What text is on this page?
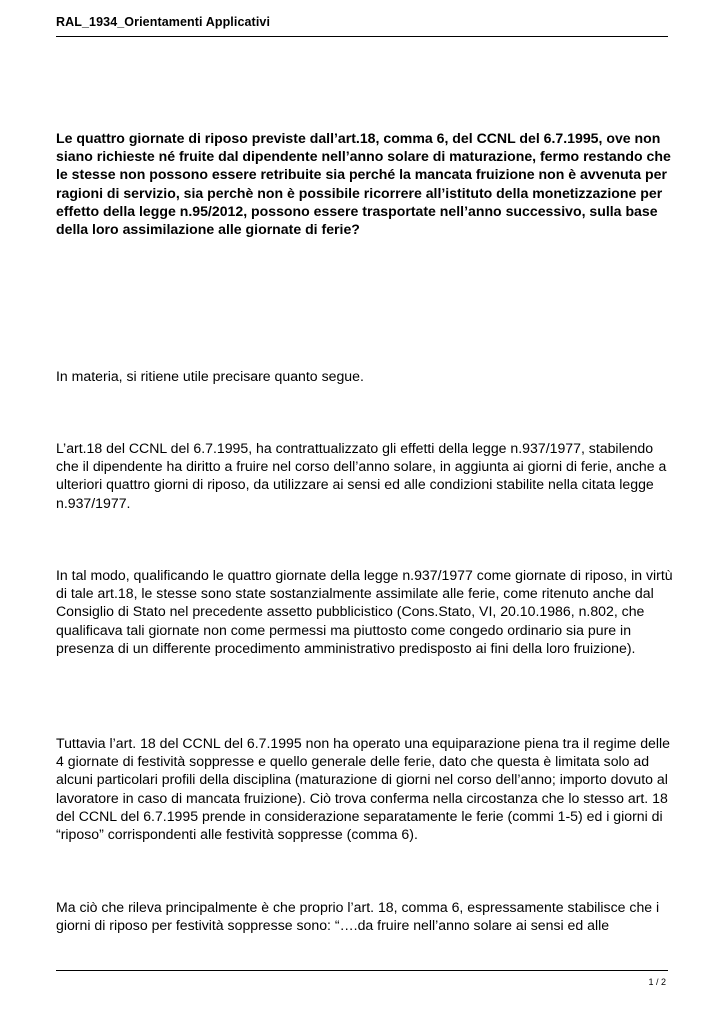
RAL_1934_Orientamenti Applicativi

Le quattro giornate di riposo previste dall’art.18, comma 6, del CCNL del 6.7.1995, ove non siano richieste né fruite dal dipendente nell’anno solare di maturazione, fermo restando che le stesse non possono essere retribuite sia perché la mancata fruizione non è avvenuta per ragioni di servizio, sia perchè non è possibile ricorrere all’istituto della monetizzazione per effetto della legge n.95/2012, possono essere trasportate nell’anno successivo, sulla base della loro assimilazione alle giornate di ferie?

In materia, si ritiene utile precisare quanto segue.

L’art.18 del CCNL del 6.7.1995, ha contrattualizzato gli effetti della legge n.937/1977, stabilendo che il dipendente ha diritto a fruire nel corso dell’anno solare, in aggiunta ai giorni di ferie, anche a ulteriori quattro giorni di riposo, da utilizzare ai sensi ed alle condizioni stabilite nella citata legge n.937/1977.

In tal modo, qualificando le quattro giornate della legge n.937/1977 come giornate di riposo, in virtù di tale art.18, le stesse sono state sostanzialmente assimilate alle ferie, come ritenuto anche dal Consiglio di Stato nel precedente assetto pubblicistico (Cons.Stato, VI, 20.10.1986, n.802, che qualificava tali giornate non come permessi ma piuttosto come congedo ordinario sia pure in presenza di un differente procedimento amministrativo predisposto ai fini della loro fruizione).

Tuttavia l’art. 18 del CCNL del 6.7.1995 non ha operato una equiparazione piena tra il regime delle 4 giornate di festività soppresse e quello generale delle ferie, dato che questa è limitata solo ad alcuni particolari profili della disciplina (maturazione di giorni nel corso dell’anno; importo dovuto al lavoratore in caso di mancata fruizione). Ciò trova conferma nella circostanza che lo stesso art. 18 del CCNL del 6.7.1995 prende in considerazione separatamente le ferie (commi 1-5) ed i giorni di “riposo” corrispondenti alle festività soppresse (comma 6).

Ma ciò che rileva principalmente è che proprio l’art. 18, comma 6, espressamente stabilisce che i giorni di riposo per festività soppresse sono: “….da fruire nell’anno solare ai sensi ed alle

1 / 2
